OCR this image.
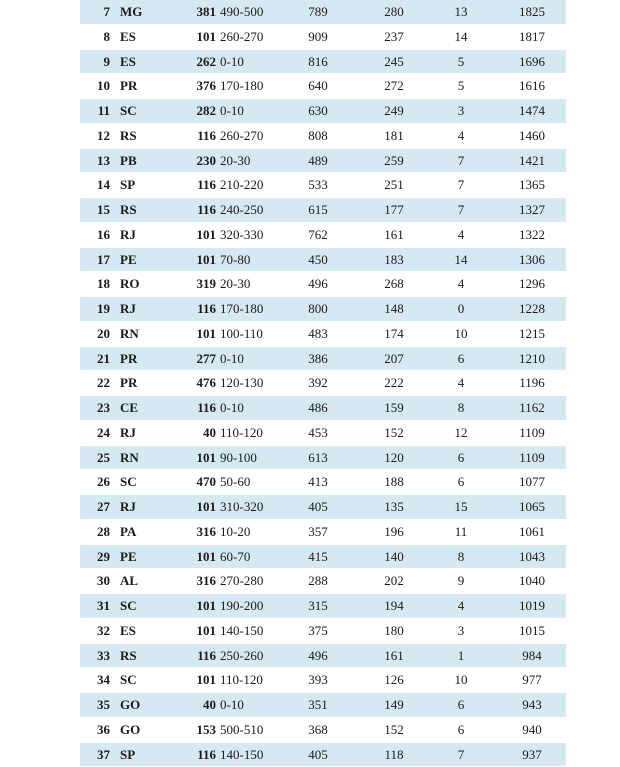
7 MG	381 490-500	789	280	13	1825
8 ES	101 260-270	909	237	14	1817
9 ES	262 0-10	816	245	5	1696
10 PR	376 170-180	640	272	5	1616
11 SC	282 0-10	630	249	3	1474
12 RS	116 260-270	808	181	4	1460
13 PB	230 20-30	489	259	7	1421
14 SP	116 210-220	533	251	7	1365
15 RS	116 240-250	615	177	7	1327
16 RJ	101 320-330	762	161	4	1322
17 PE	101 70-80	450	183	14	1306
18 RO	319 20-30	496	268	4	1296
19 RJ	116 170-180	800	148	0	1228
20 RN	101 100-110	483	174	10	1215
21 PR	277 0-10	386	207	6	1210
22 PR	476 120-130	392	222	4	1196
23 CE	116 0-10	486	159	8	1162
24 RJ	40 110-120	453	152	12	1109
25 RN	101 90-100	613	120	6	1109
26 SC	470 50-60	413	188	6	1077
27 RJ	101 310-320	405	135	15	1065
28 PA	316 10-20	357	196	11	1061
29 PE	101 60-70	415	140	8	1043
30 AL	316 270-280	288	202	9	1040
31 SC	101 190-200	315	194	4	1019
32 ES	101 140-150	375	180	3	1015
33 RS	116 250-260	496	161	1	984
34 SC	101 110-120	393	126	10	977
35 GO	40 0-10	351	149	6	943
36 GO	153 500-510	368	152	6	940
37 SP	116 140-150	405	118	7	937
